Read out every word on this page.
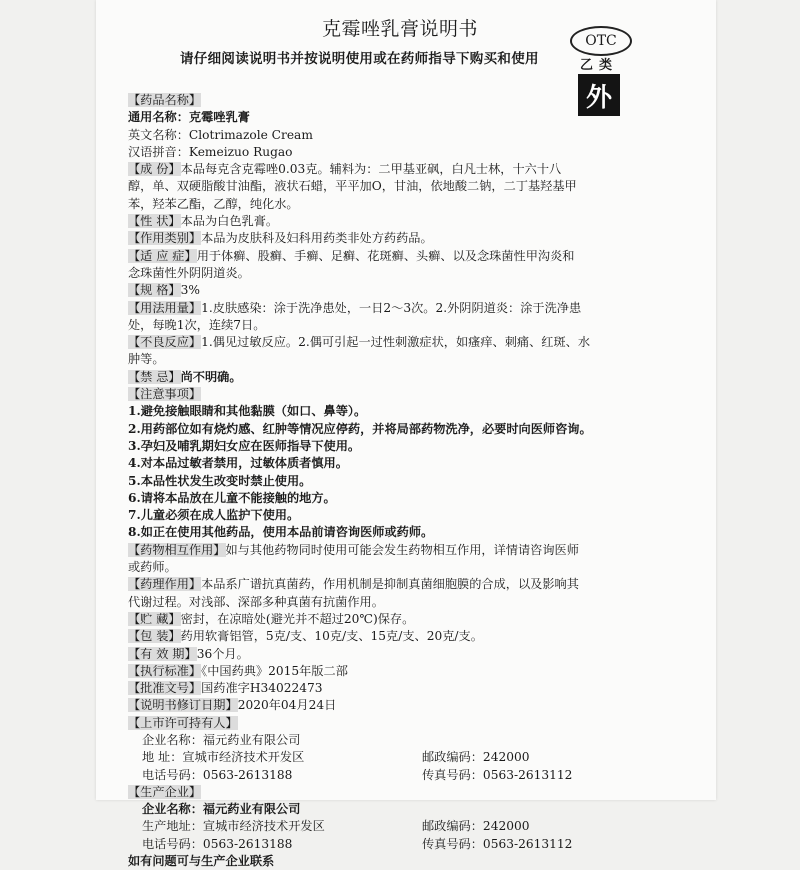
克霉唑乳膏说明书
请仔细阅读说明书并按说明使用或在药师指导下购买和使用
OTC
乙类
外
【药品名称】
通用名称：克霉唑乳膏
英文名称：Clotrimazole Cream
汉语拼音：Kemeizuo Rugao
【成 份】本品每克含克霉唑0.03克。辅料为：二甲基亚砜，白凡士林，十六十八
醇，单、双硬脂酸甘油酯，液状石蜡，平平加O，甘油，依地酸二钠，二丁基羟基甲
苯，羟苯乙酯，乙醇，纯化水。
【性 状】本品为白色乳膏。
【作用类别】本品为皮肤科及妇科用药类非处方药药品。
【适 应 症】用于体癣、股癣、手癣、足癣、花斑癣、头癣、以及念珠菌性甲沟炎和
念珠菌性外阴阴道炎。
【规 格】3%
【用法用量】1.皮肤感染：涂于洗净患处，一日2～3次。2.外阴阴道炎：涂于洗净患
处，每晚1次，连续7日。
【不良反应】1.偶见过敏反应。2.偶可引起一过性刺激症状，如瘙痒、刺痛、红斑、水
肿等。
【禁 忌】尚不明确。
【注意事项】
1.避免接触眼睛和其他黏膜（如口、鼻等）。
2.用药部位如有烧灼感、红肿等情况应停药，并将局部药物洗净，必要时向医师咨询。
3.孕妇及哺乳期妇女应在医师指导下使用。
4.对本品过敏者禁用，过敏体质者慎用。
5.本品性状发生改变时禁止使用。
6.请将本品放在儿童不能接触的地方。
7.儿童必须在成人监护下使用。
8.如正在使用其他药品，使用本品前请咨询医师或药师。
【药物相互作用】如与其他药物同时使用可能会发生药物相互作用，详情请咨询医师
或药师。
【药理作用】本品系广谱抗真菌药，作用机制是抑制真菌细胞膜的合成，以及影响其
代谢过程。对浅部、深部多种真菌有抗菌作用。
【贮 藏】密封，在凉暗处(避光并不超过20℃)保存。
【包 装】药用软膏铝管，5克/支、10克/支、15克/支、20克/支。
【有 效 期】36个月。
【执行标准】《中国药典》2015年版二部
【批准文号】国药准字H34022473
【说明书修订日期】2020年04月24日
【上市许可持有人】
企业名称：福元药业有限公司
地 址：宣城市经济技术开发区	邮政编码：242000
电话号码：0563-2613188	传真号码：0563-2613112
【生产企业】
企业名称：福元药业有限公司
生产地址：宣城市经济技术开发区	邮政编码：242000
电话号码：0563-2613188	传真号码：0563-2613112
如有问题可与生产企业联系
